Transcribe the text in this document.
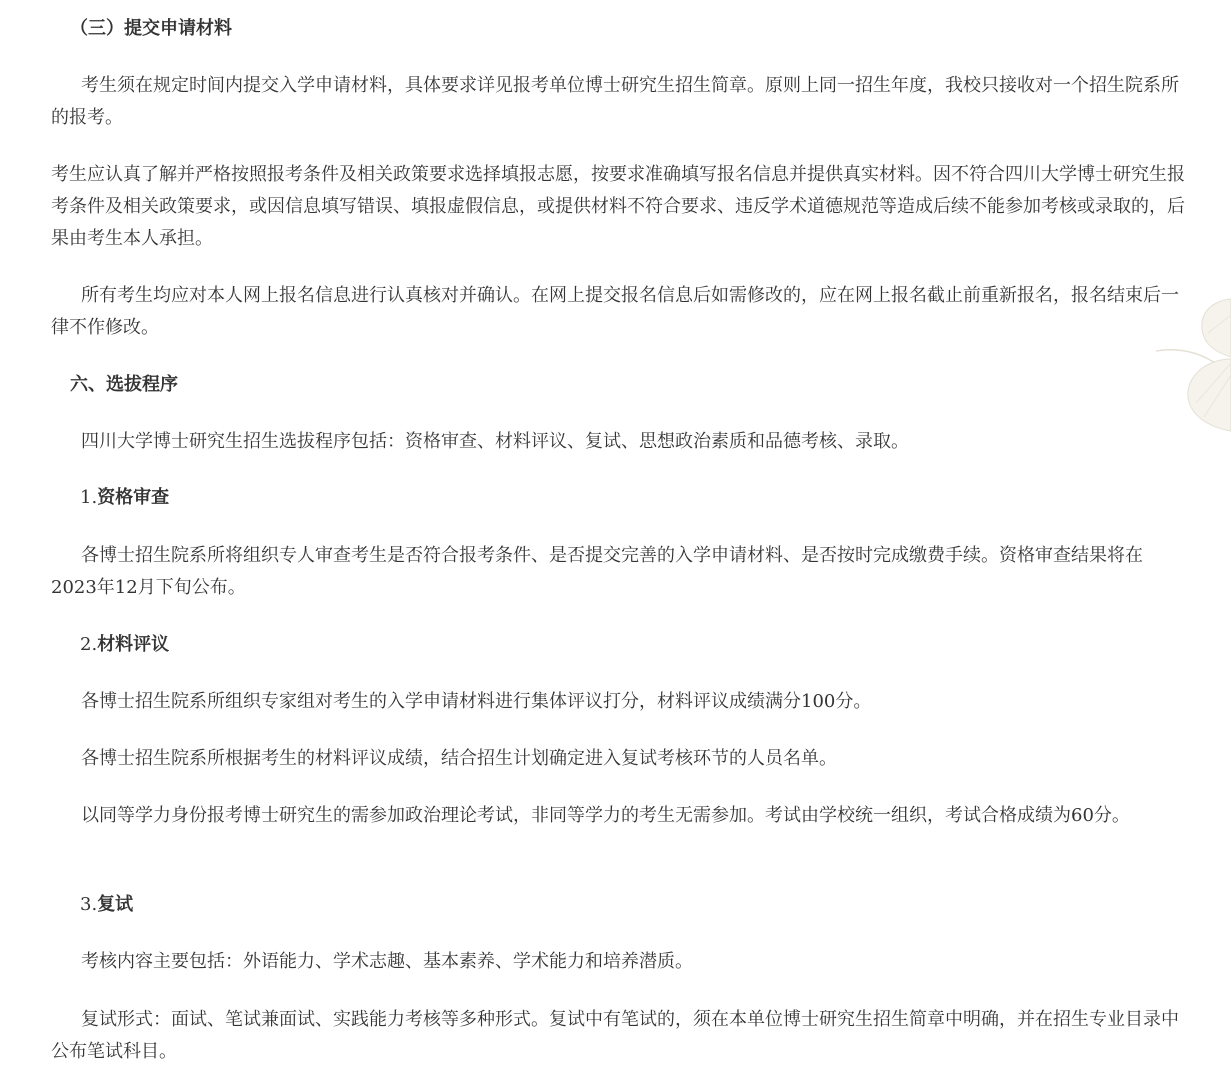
（三）提交申请材料

考生须在规定时间内提交入学申请材料，具体要求详见报考单位博士研究生招生简章。原则上同一招生年度，我校只接收对一个招生院系所的报考。

考生应认真了解并严格按照报考条件及相关政策要求选择填报志愿，按要求准确填写报名信息并提供真实材料。因不符合四川大学博士研究生报考条件及相关政策要求，或因信息填写错误、填报虚假信息，或提供材料不符合要求、违反学术道德规范等造成后续不能参加考核或录取的，后果由考生本人承担。

所有考生均应对本人网上报名信息进行认真核对并确认。在网上提交报名信息后如需修改的，应在网上报名截止前重新报名，报名结束后一律不作修改。

六、选拔程序

四川大学博士研究生招生选拔程序包括：资格审查、材料评议、复试、思想政治素质和品德考核、录取。

1.资格审查

各博士招生院系所将组织专人审查考生是否符合报考条件、是否提交完善的入学申请材料、是否按时完成缴费手续。资格审查结果将在2023年12月下旬公布。

2.材料评议

各博士招生院系所组织专家组对考生的入学申请材料进行集体评议打分，材料评议成绩满分100分。

各博士招生院系所根据考生的材料评议成绩，结合招生计划确定进入复试考核环节的人员名单。

以同等学力身份报考博士研究生的需参加政治理论考试，非同等学力的考生无需参加。考试由学校统一组织，考试合格成绩为60分。

3.复试

考核内容主要包括：外语能力、学术志趣、基本素养、学术能力和培养潜质。

复试形式：面试、笔试兼面试、实践能力考核等多种形式。复试中有笔试的，须在本单位博士研究生招生简章中明确，并在招生专业目录中公布笔试科目。
